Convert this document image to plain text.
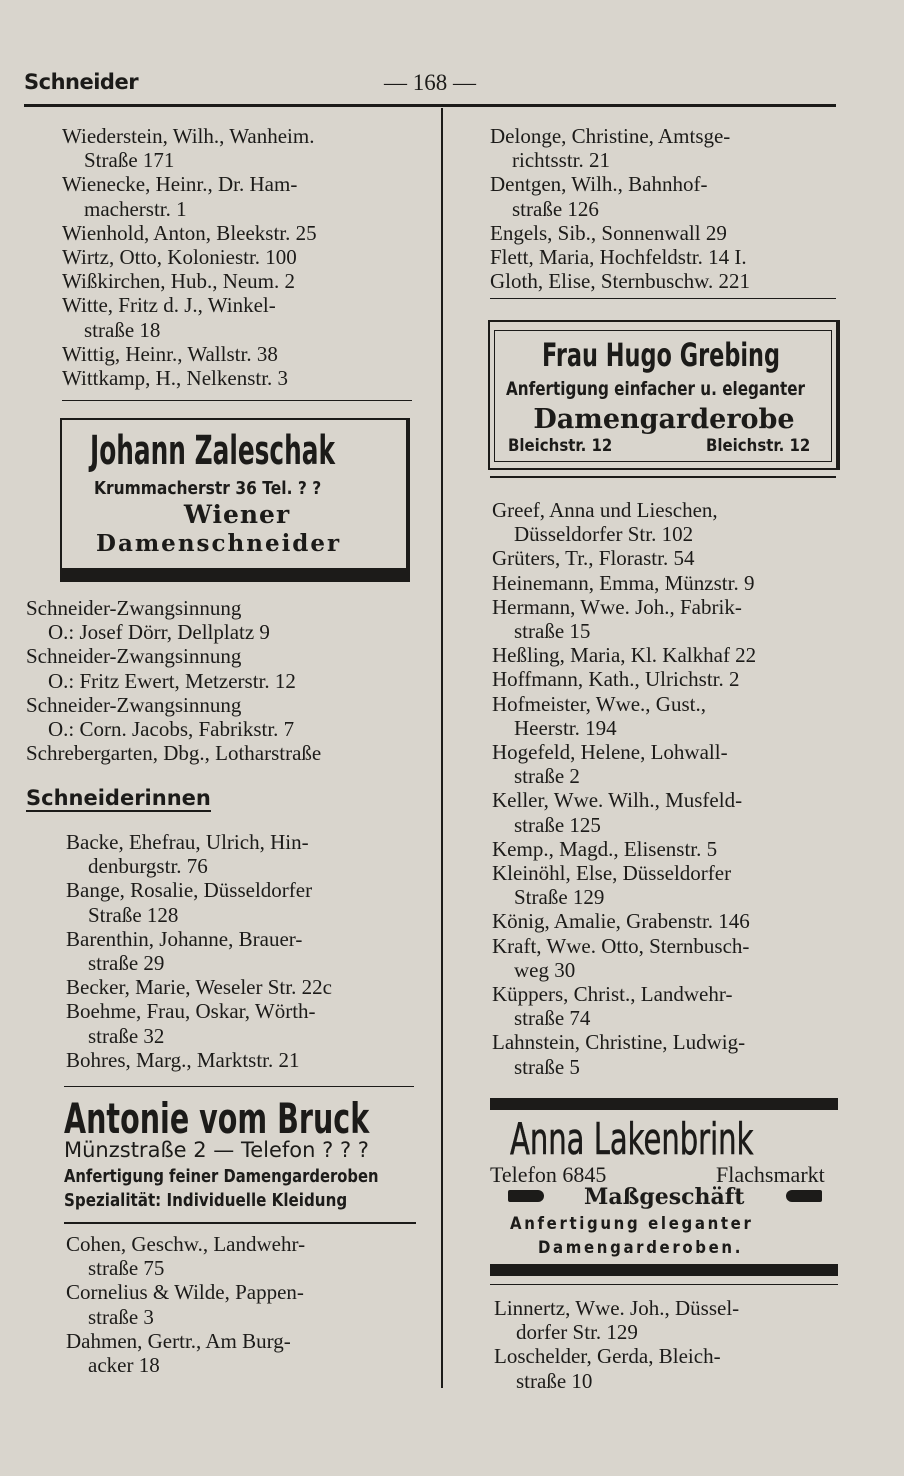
Schneider	— 168 —
Wiederstein, Wilh., Wanheim.
Straße 171
Wienecke, Heinr., Dr. Ham-
macherstr. 1
Wienhold, Anton, Bleekstr. 25
Wirtz, Otto, Koloniestr. 100
Wißkirchen, Hub., Neum. 2
Witte, Fritz d. J., Winkel-
straße 18
Wittig, Heinr., Wallstr. 38
Wittkamp, H., Nelkenstr. 3
Johann Zaleschak
Krummacherstr 36 Tel. ? ?
Wiener
Damenschneider
Schneider-Zwangsinnung
O.: Josef Dörr, Dellplatz 9
Schneider-Zwangsinnung
O.: Fritz Ewert, Metzerstr. 12
Schneider-Zwangsinnung
O.: Corn. Jacobs, Fabrikstr. 7
Schrebergarten, Dbg., Lotharstraße
Schneiderinnen
Backe, Ehefrau, Ulrich, Hin-
denburgstr. 76
Bange, Rosalie, Düsseldorfer
Straße 128
Barenthin, Johanne, Brauer-
straße 29
Becker, Marie, Weseler Str. 22c
Boehme, Frau, Oskar, Wörth-
straße 32
Bohres, Marg., Marktstr. 21
Antonie vom Bruck
Münzstraße 2 — Telefon ? ? ?
Anfertigung feiner Damengarderoben
Spezialität: Individuelle Kleidung
Cohen, Geschw., Landwehr-
straße 75
Cornelius & Wilde, Pappen-
straße 3
Dahmen, Gertr., Am Burg-
acker 18
Delonge, Christine, Amtsge-
richtsstr. 21
Dentgen, Wilh., Bahnhof-
straße 126
Engels, Sib., Sonnenwall 29
Flett, Maria, Hochfeldstr. 14 I.
Gloth, Elise, Sternbuschw. 221
Frau Hugo Grebing
Anfertigung einfacher u. eleganter
Damengarderobe
Bleichstr. 12	Bleichstr. 12
Greef, Anna und Lieschen,
Düsseldorfer Str. 102
Grüters, Tr., Florastr. 54
Heinemann, Emma, Münzstr. 9
Hermann, Wwe. Joh., Fabrik-
straße 15
Heßling, Maria, Kl. Kalkhaf 22
Hoffmann, Kath., Ulrichstr. 2
Hofmeister, Wwe., Gust.,
Heerstr. 194
Hogefeld, Helene, Lohwall-
straße 2
Keller, Wwe. Wilh., Musfeld-
straße 125
Kemp., Magd., Elisenstr. 5
Kleinöhl, Else, Düsseldorfer
Straße 129
König, Amalie, Grabenstr. 146
Kraft, Wwe. Otto, Sternbusch-
weg 30
Küppers, Christ., Landwehr-
straße 74
Lahnstein, Christine, Ludwig-
straße 5
Anna Lakenbrink
Telefon 6845	Flachsmarkt
Maßgeschäft
Anfertigung eleganter
Damengarderoben.
Linnertz, Wwe. Joh., Düssel-
dorfer Str. 129
Loschelder, Gerda, Bleich-
straße 10
